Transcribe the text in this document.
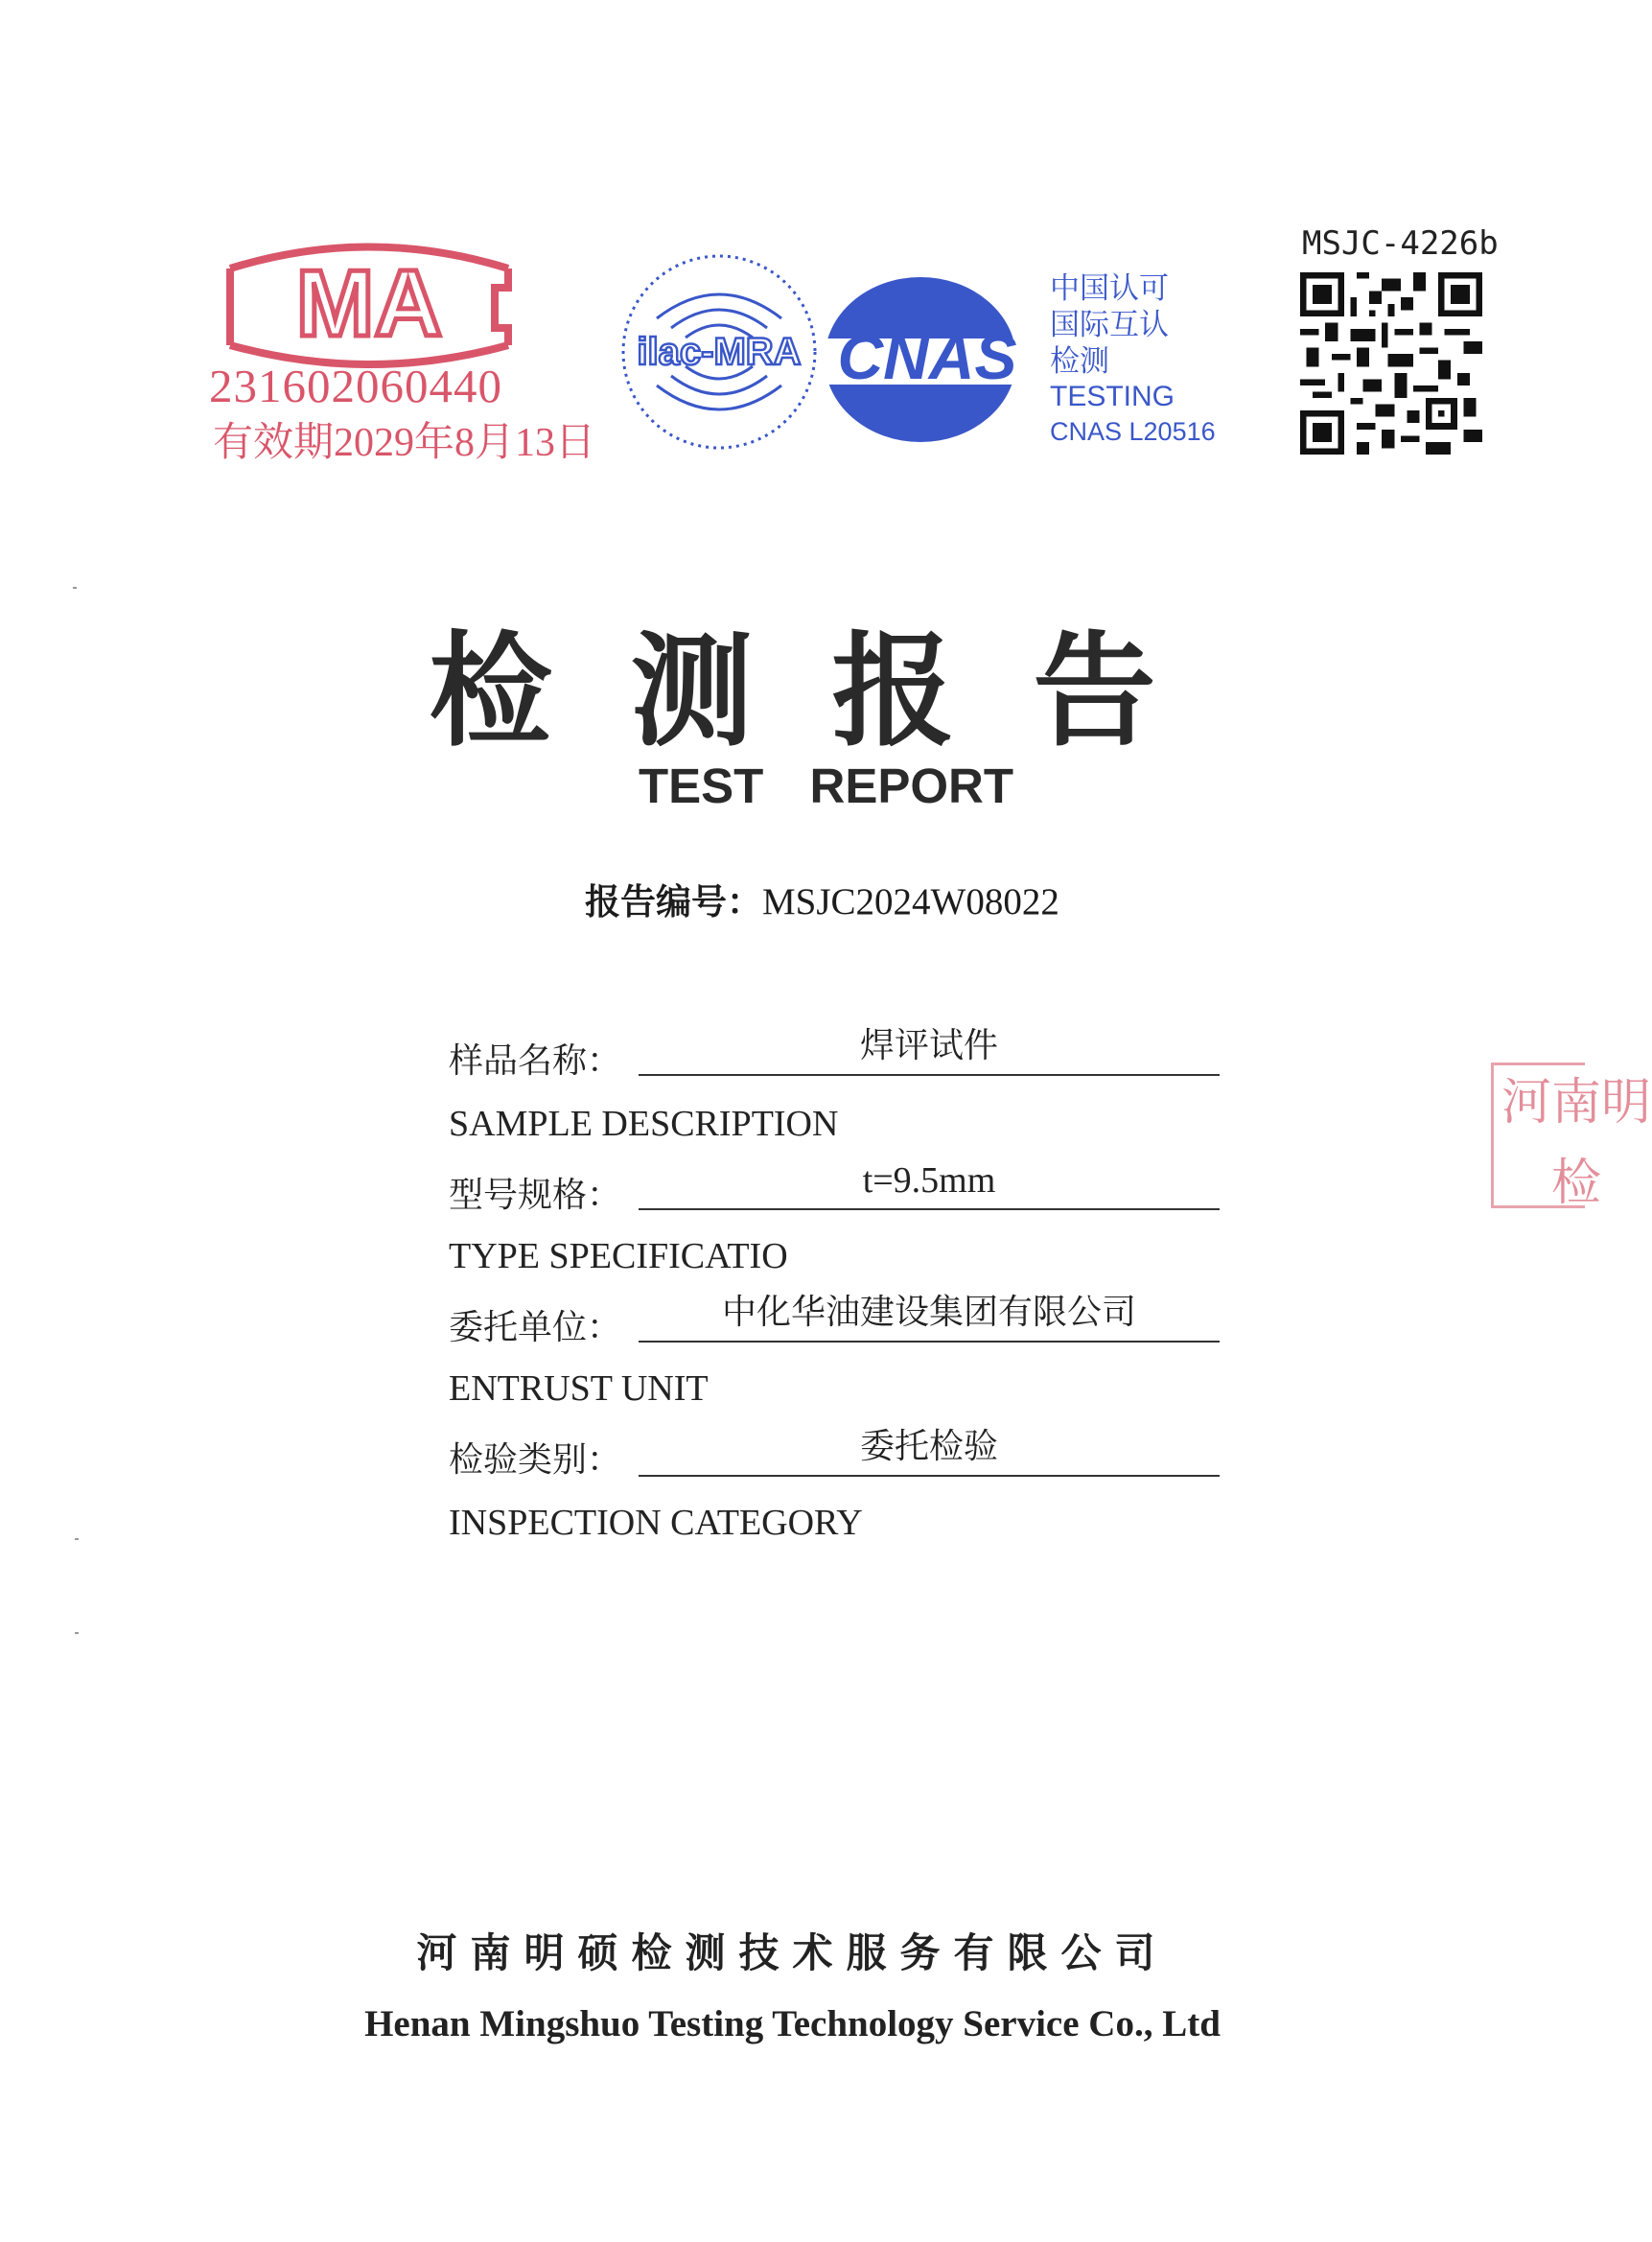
MA
231602060440
有效期2029年8月13日
ilac-MRA CNAS
中国认可
国际互认
检测
TESTING
CNAS L20516
MSJC-4226b
河南明
检
检测报告
TEST REPORT
报告编号：MSJC2024W08022
样品名称：	焊评试件
SAMPLE DESCRIPTION
型号规格：	t=9.5mm
TYPE SPECIFICATIO
委托单位：	中化华油建设集团有限公司
ENTRUST UNIT
检验类别：	委托检验
INSPECTION CATEGORY
河南明硕检测技术服务有限公司
Henan Mingshuo Testing Technology Service Co., Ltd
